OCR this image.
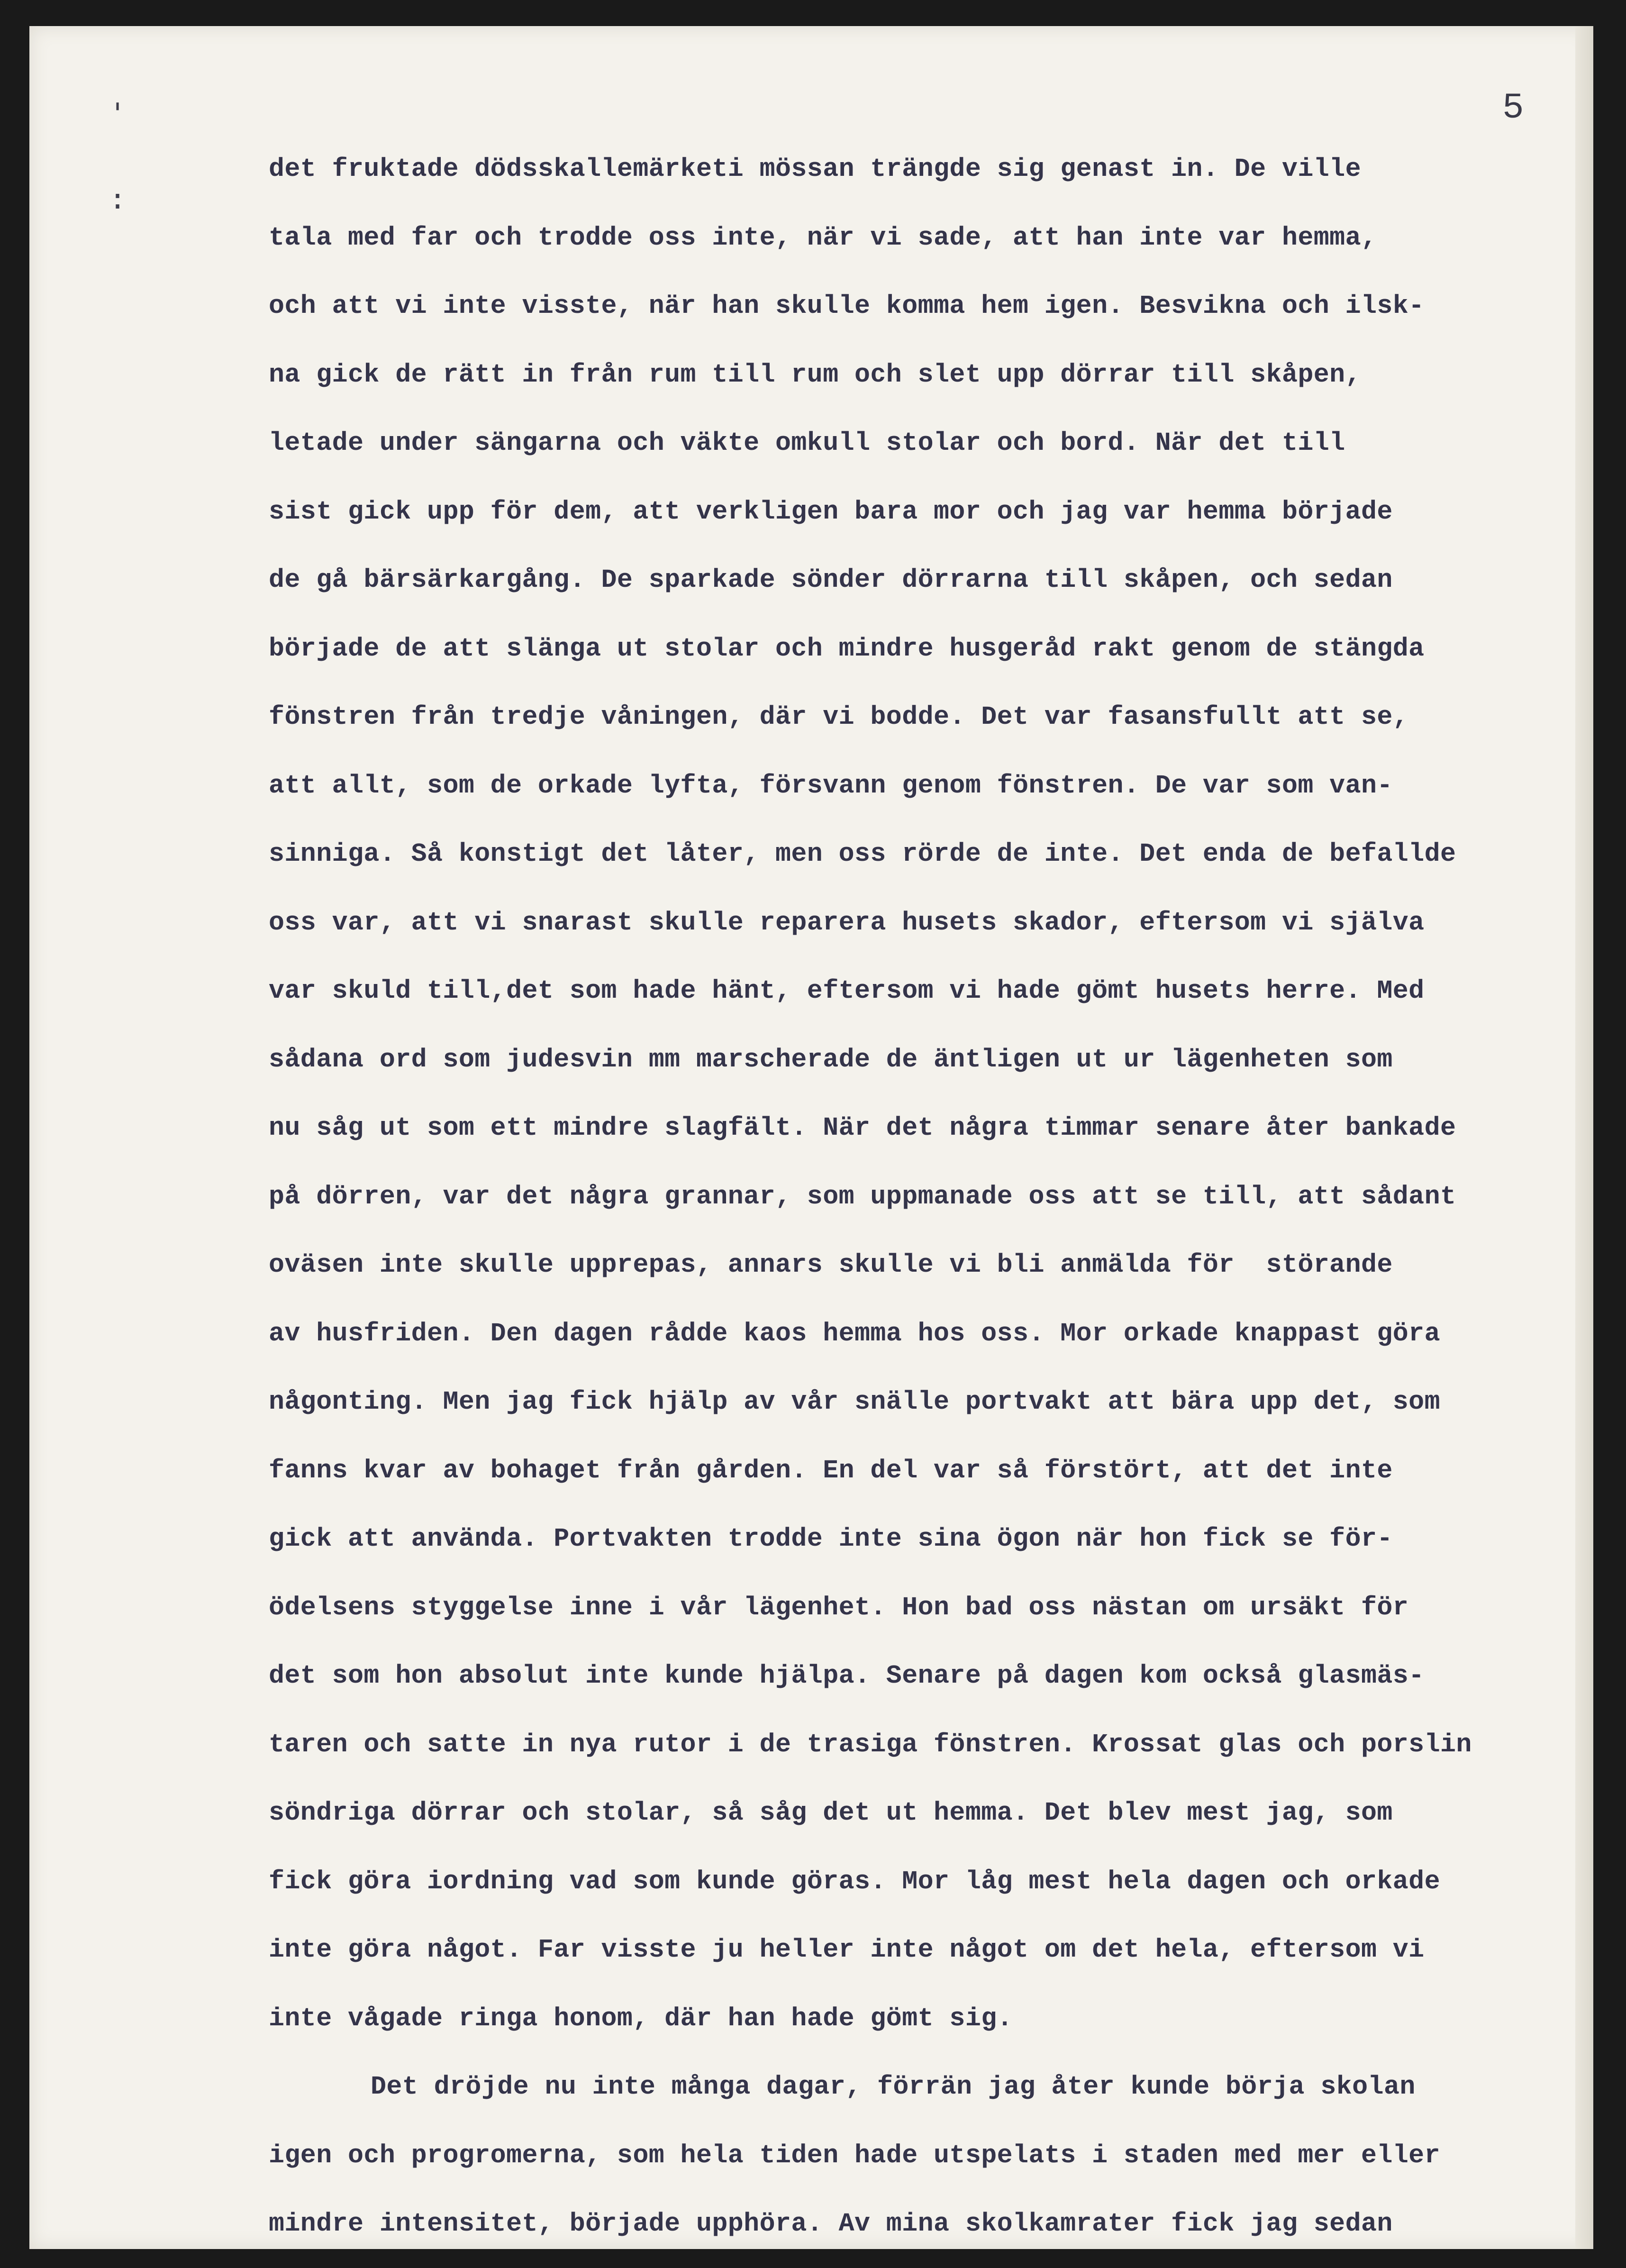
5
'
:
det fruktade dödsskallemärketi mössan trängde sig genast in. De ville
tala med far och trodde oss inte, när vi sade, att han inte var hemma,
och att vi inte visste, när han skulle komma hem igen. Besvikna och ilsk-
na gick de rätt in från rum till rum och slet upp dörrar till skåpen,
letade under sängarna och väkte omkull stolar och bord. När det till
sist gick upp för dem, att verkligen bara mor och jag var hemma började
de gå bärsärkargång. De sparkade sönder dörrarna till skåpen, och sedan
började de att slänga ut stolar och mindre husgeråd rakt genom de stängda
fönstren från tredje våningen, där vi bodde. Det var fasansfullt att se,
att allt, som de orkade lyfta, försvann genom fönstren. De var som van-
sinniga. Så konstigt det låter, men oss rörde de inte. Det enda de befallde
oss var, att vi snarast skulle reparera husets skador, eftersom vi själva
var skuld till,det som hade hänt, eftersom vi hade gömt husets herre. Med
sådana ord som judesvin mm marscherade de äntligen ut ur lägenheten som
nu såg ut som ett mindre slagfält. När det några timmar senare åter bankade
på dörren, var det några grannar, som uppmanade oss att se till, att sådant
oväsen inte skulle upprepas, annars skulle vi bli anmälda för  störande
av husfriden. Den dagen rådde kaos hemma hos oss. Mor orkade knappast göra
någonting. Men jag fick hjälp av vår snälle portvakt att bära upp det, som
fanns kvar av bohaget från gården. En del var så förstört, att det inte
gick att använda. Portvakten trodde inte sina ögon när hon fick se för-
ödelsens styggelse inne i vår lägenhet. Hon bad oss nästan om ursäkt för
det som hon absolut inte kunde hjälpa. Senare på dagen kom också glasmäs-
taren och satte in nya rutor i de trasiga fönstren. Krossat glas och porslin
söndriga dörrar och stolar, så såg det ut hemma. Det blev mest jag, som
fick göra iordning vad som kunde göras. Mor låg mest hela dagen och orkade
inte göra något. Far visste ju heller inte något om det hela, eftersom vi
inte vågade ringa honom, där han hade gömt sig.
Det dröjde nu inte många dagar, förrän jag åter kunde börja skolan
igen och progromerna, som hela tiden hade utspelats i staden med mer eller
mindre intensitet, började upphöra. Av mina skolkamrater fick jag sedan
